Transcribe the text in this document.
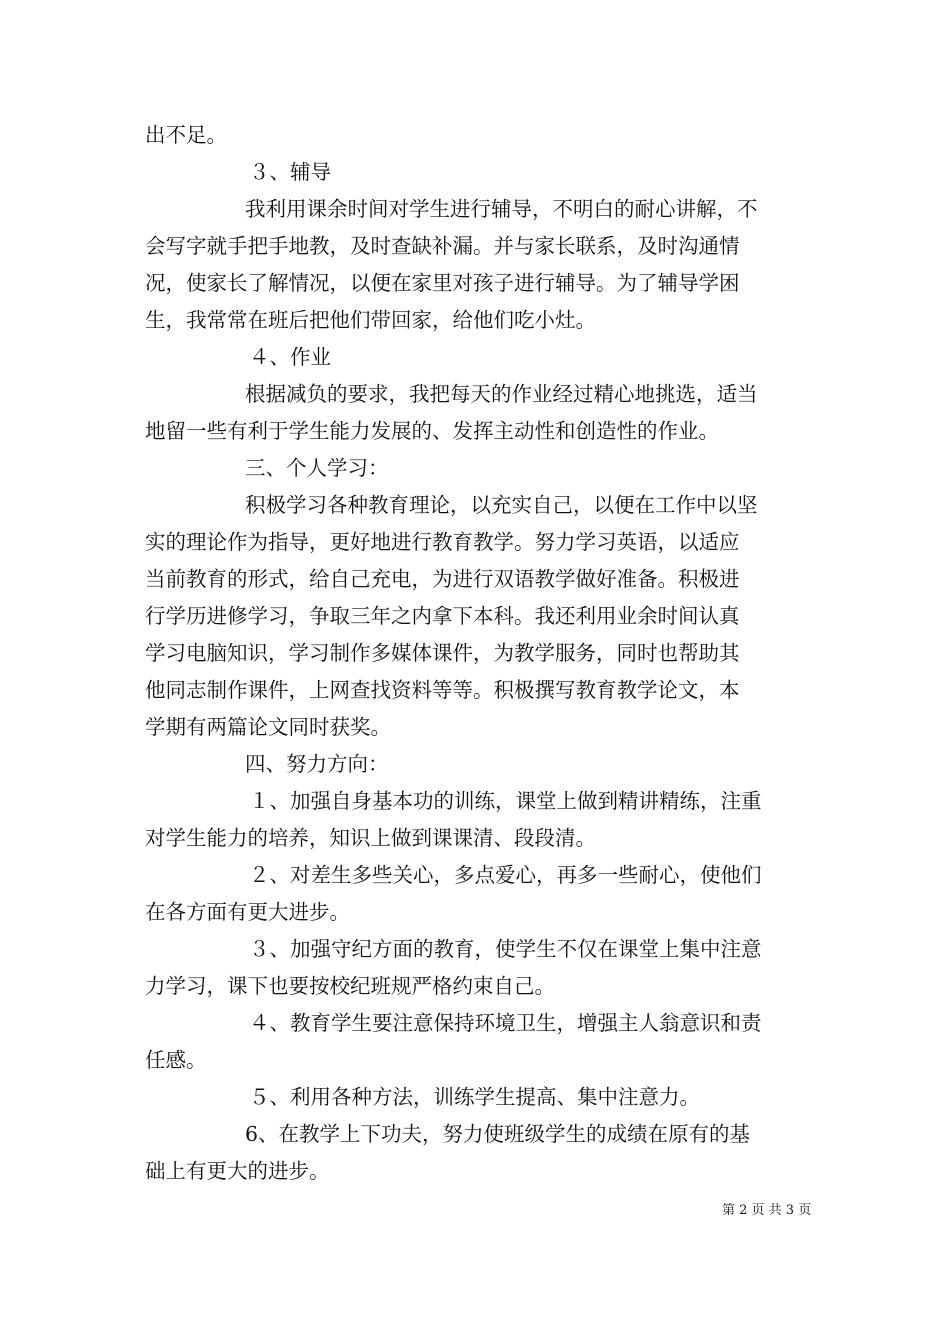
出不足。
３、辅导
我利用课余时间对学生进行辅导，不明白的耐心讲解，不
会写字就手把手地教，及时查缺补漏。并与家长联系，及时沟通情
况，使家长了解情况，以便在家里对孩子进行辅导。为了辅导学困
生，我常常在班后把他们带回家，给他们吃小灶。
４、作业
根据减负的要求，我把每天的作业经过精心地挑选，适当
地留一些有利于学生能力发展的、发挥主动性和创造性的作业。
三、个人学习：
积极学习各种教育理论，以充实自己，以便在工作中以坚
实的理论作为指导，更好地进行教育教学。努力学习英语，以适应
当前教育的形式，给自己充电，为进行双语教学做好准备。积极进
行学历进修学习，争取三年之内拿下本科。我还利用业余时间认真
学习电脑知识，学习制作多媒体课件，为教学服务，同时也帮助其
他同志制作课件，上网查找资料等等。积极撰写教育教学论文，本
学期有两篇论文同时获奖。
四、努力方向：
１、加强自身基本功的训练，课堂上做到精讲精练，注重
对学生能力的培养，知识上做到课课清、段段清。
２、对差生多些关心，多点爱心，再多一些耐心，使他们
在各方面有更大进步。
３、加强守纪方面的教育，使学生不仅在课堂上集中注意
力学习，课下也要按校纪班规严格约束自己。
４、教育学生要注意保持环境卫生，增强主人翁意识和责
任感。
５、利用各种方法，训练学生提高、集中注意力。
6、在教学上下功夫，努力使班级学生的成绩在原有的基
础上有更大的进步。
第 2 页 共 3 页
